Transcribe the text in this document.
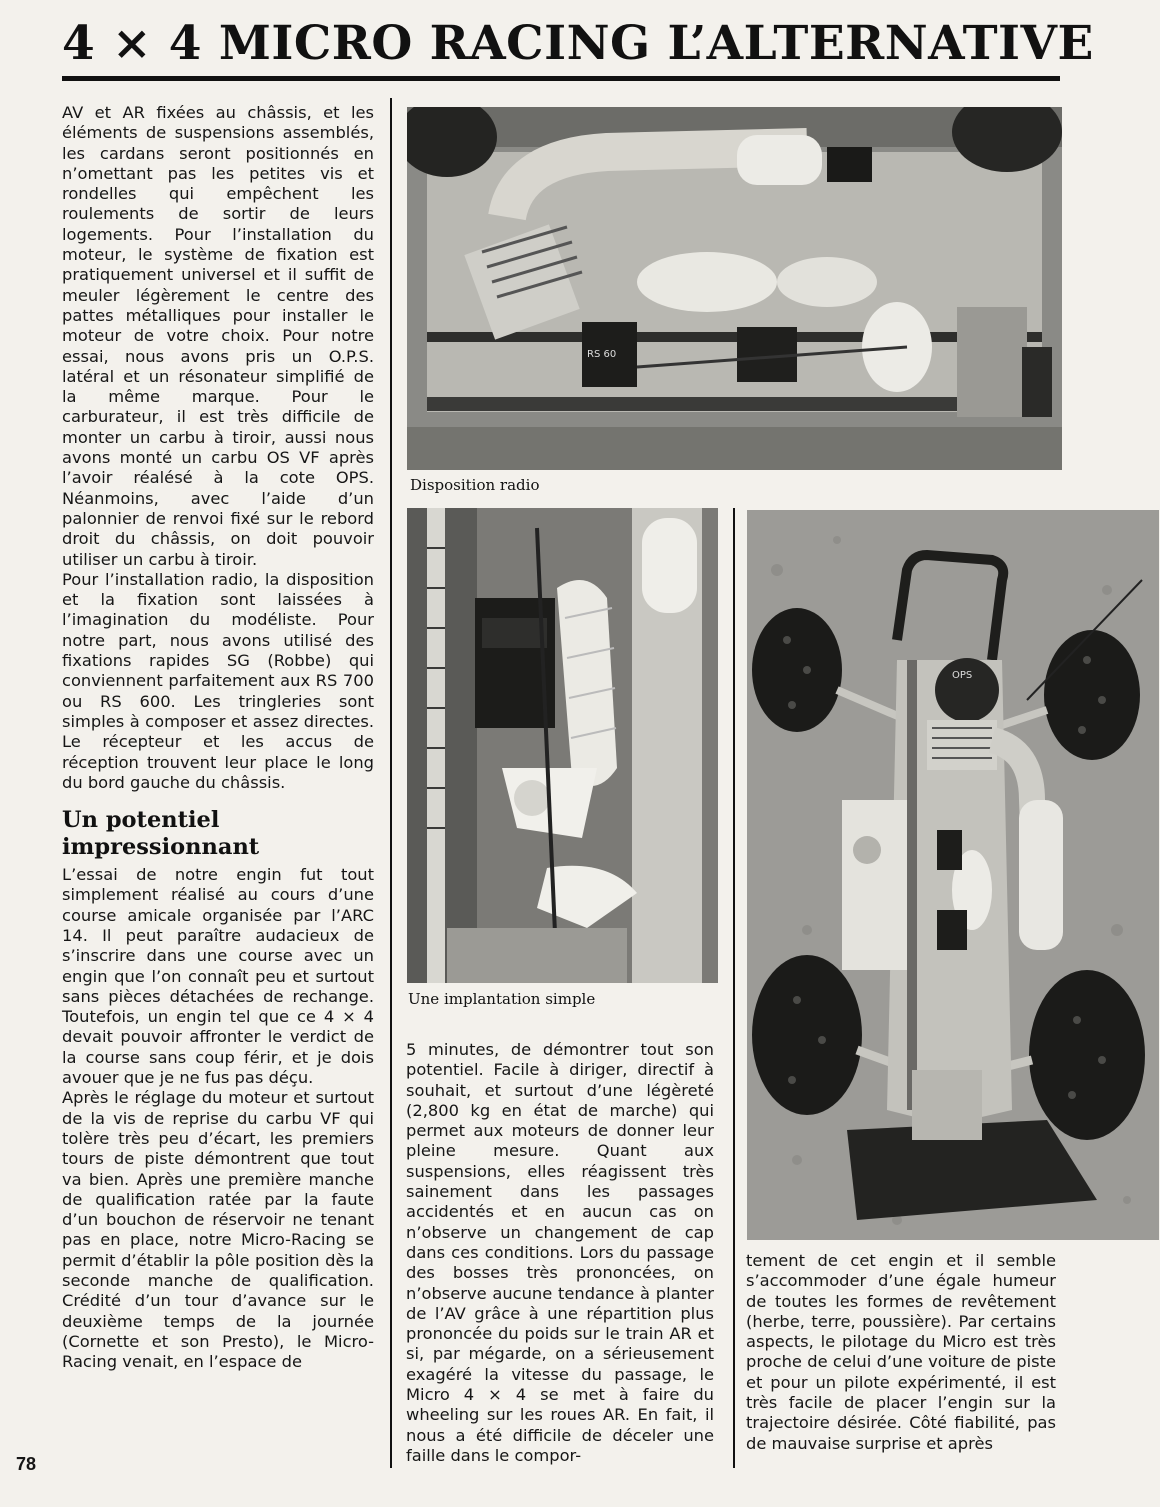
4 × 4 MICRO RACING L’ALTERNATIVE

AV et AR fixées au châssis, et les éléments de suspensions assemblés, les cardans seront positionnés en n’omettant pas les petites vis et rondelles qui empêchent les roulements de sortir de leurs logements. Pour l’installation du moteur, le système de fixation est pratiquement universel et il suffit de meuler légèrement le centre des pattes métalliques pour installer le moteur de votre choix. Pour notre essai, nous avons pris un O.P.S. latéral et un résonateur simplifié de la même marque. Pour le carburateur, il est très difficile de monter un carbu à tiroir, aussi nous avons monté un carbu OS VF après l’avoir réalésé à la cote OPS. Néanmoins, avec l’aide d’un palonnier de renvoi fixé sur le rebord droit du châssis, on doit pouvoir utiliser un carbu à tiroir.

Pour l’installation radio, la disposition et la fixation sont laissées à l’imagination du modéliste. Pour notre part, nous avons utilisé des fixations rapides SG (Robbe) qui conviennent parfaitement aux RS 700 ou RS 600. Les tringleries sont simples à composer et assez directes. Le récepteur et les accus de réception trouvent leur place le long du bord gauche du châssis.

Un potentiel impressionnant

L’essai de notre engin fut tout simplement réalisé au cours d’une course amicale organisée par l’ARC 14. Il peut paraître audacieux de s’inscrire dans une course avec un engin que l’on connaît peu et surtout sans pièces détachées de rechange. Toutefois, un engin tel que ce 4 × 4 devait pouvoir affronter le verdict de la course sans coup férir, et je dois avouer que je ne fus pas déçu.

Après le réglage du moteur et surtout de la vis de reprise du carbu VF qui tolère très peu d’écart, les premiers tours de piste démontrent que tout va bien. Après une première manche de qualification ratée par la faute d’un bouchon de réservoir ne tenant pas en place, notre Micro-Racing se permit d’établir la pôle position dès la seconde manche de qualification. Crédité d’un tour d’avance sur le deuxième temps de la journée (Cornette et son Presto), le Micro-Racing venait, en l’espace de

RS 60
Disposition radio
Une implantation simple
OPS

5 minutes, de démontrer tout son potentiel. Facile à diriger, directif à souhait, et surtout d’une légèreté (2,800 kg en état de marche) qui permet aux moteurs de donner leur pleine mesure. Quant aux suspensions, elles réagissent très sainement dans les passages accidentés et en aucun cas on n’observe un changement de cap dans ces conditions. Lors du passage des bosses très prononcées, on n’observe aucune tendance à planter de l’AV grâce à une répartition plus prononcée du poids sur le train AR et si, par mégarde, on a sérieusement exagéré la vitesse du passage, le Micro 4 × 4 se met à faire du wheeling sur les roues AR. En fait, il nous a été difficile de déceler une faille dans le compor-

tement de cet engin et il semble s’accommoder d’une égale humeur de toutes les formes de revêtement (herbe, terre, poussière). Par certains aspects, le pilotage du Micro est très proche de celui d’une voiture de piste et pour un pilote expérimenté, il est très facile de placer l’engin sur la trajectoire désirée. Côté fiabilité, pas de mauvaise surprise et après

78
